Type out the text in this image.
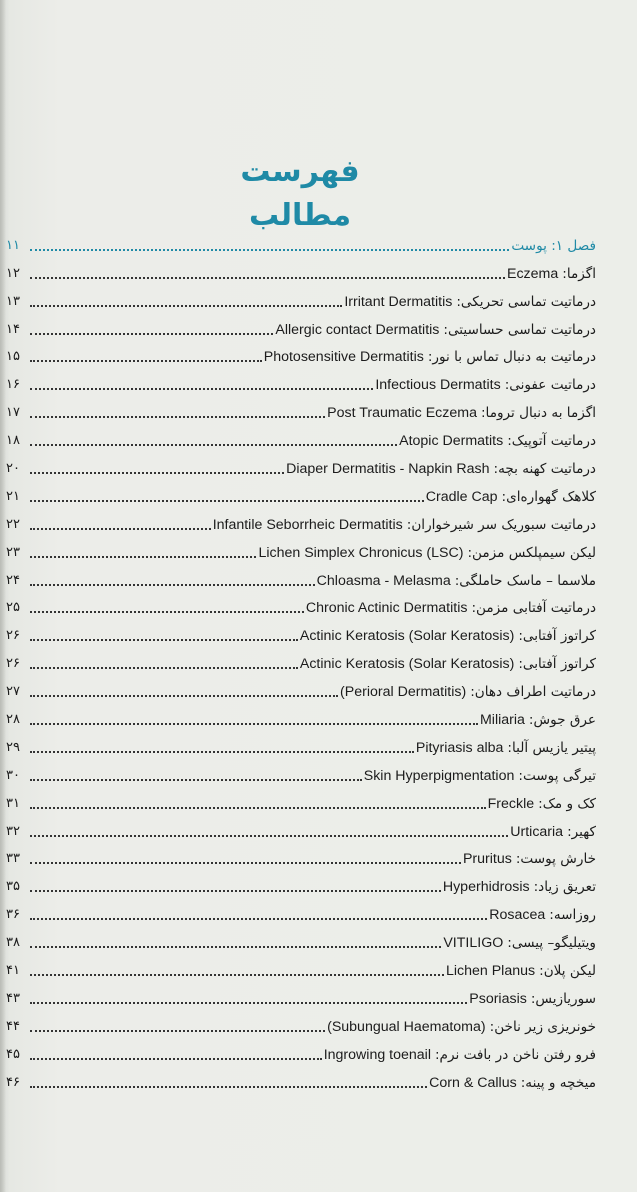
فهرست مطالب
فصل ۱: پوست
۱۱
اگزما:
Eczema
۱۲
درماتیت تماسی تحریکی:
Irritant Dermatitis
۱۳
درماتیت تماسی حساسیتی:
Allergic contact Dermatitis
۱۴
درماتیت به دنبال تماس با نور:
Photosensitive Dermatitis
۱۵
درماتیت عفونی:
Infectious Dermatits
۱۶
اگزما به دنبال تروما:
Post Traumatic Eczema
۱۷
درماتیت آتوپیک:
Atopic Dermatits
۱۸
درماتیت کهنه بچه:
Diaper Dermatitis - Napkin Rash
۲۰
کلاهک گهواره‌ای:
Cradle Cap
۲۱
درماتیت سبوریک سر شیرخواران:
Infantile Seborrheic Dermatitis
۲۲
لیکن سیمپلکس مزمن:
Lichen Simplex Chronicus (LSC)
۲۳
ملاسما – ماسک حاملگی:
Chloasma - Melasma
۲۴
درماتیت آفتابی مزمن:
Chronic Actinic Dermatitis
۲۵
کراتوز آفتابی:
Actinic Keratosis (Solar Keratosis)
۲۶
کراتوز آفتابی:
Actinic Keratosis (Solar Keratosis)
۲۶
درماتیت اطراف دهان:
(Perioral Dermatitis)
۲۷
عرق جوش:
Miliaria
۲۸
پیتیر یازیس آلبا:
Pityriasis alba
۲۹
تیرگی پوست:
Skin Hyperpigmentation
۳۰
کک و مک:
Freckle
۳۱
کهیر:
Urticaria
۳۲
خارش پوست:
Pruritus
۳۳
تعریق زیاد:
Hyperhidrosis
۳۵
روزاسه:
Rosacea
۳۶
ویتیلیگو– پیسی:
VITILIGO
۳۸
لیکن پلان:
Lichen Planus
۴۱
سوریازیس:
Psoriasis
۴۳
خونریزی زیر ناخن:
(Subungual Haematoma)
۴۴
فرو رفتن ناخن در بافت نرم:
Ingrowing toenail
۴۵
میخچه و پینه:
Corn & Callus
۴۶
